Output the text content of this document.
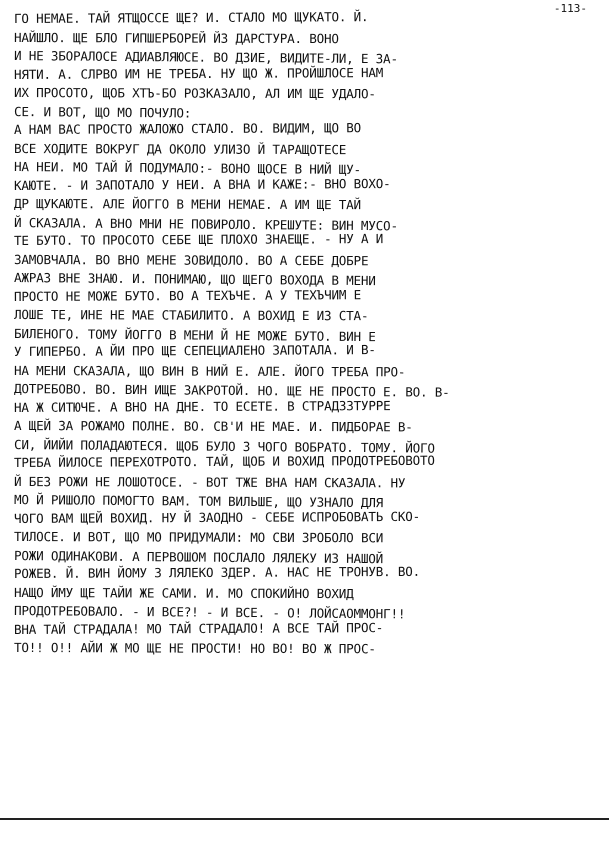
-113-
ГО НЕМАЕ. ТАЙ ЯТЩОССЕ ЩЕ? И. СТАЛО МО ЩУКАТО. Й.
НАЙШЛО. ЩЕ БЛО ГИПШЕРБОРЕЙ ЙЗ ДАРСТУРА. ВОНО
И НЕ ЗБОРАЛОСЕ АДИАВЛЯЮСЕ. ВО ДЗИЕ, ВИДИТЕ-ЛИ, Е ЗА-
НЯТИ. А. СЛРВО ИМ НЕ ТРЕБА. НУ ЩО Ж. ПРОЙШЛОСЕ НАМ
ИХ ПРОСОТО, ЩОБ ХТЪ-БО РОЗКАЗАЛО, АЛ ИМ ЩЕ УДАЛО-
СЕ. И ВОТ, ЩО МО ПОЧУЛО:
А НАМ ВАС ПРОСТО ЖАЛОЖО СТАЛО. ВО. ВИДИМ, ЩО ВО
ВСЕ ХОДИТЕ ВОКРУГ ДА ОКОЛО УЛИЗО Й ТАРАЩОТЕСЕ
НА НЕИ. МО ТАЙ Й ПОДУМАЛО:- ВОНО ЩОСЕ В НИЙ ЩУ-
КАЮТЕ. - И ЗАПОТАЛО У НЕИ. А ВНА И КАЖЕ:- ВНО ВОХО-
ДР ЩУКАЮТЕ. АЛЕ ЙОГГО В МЕНИ НЕМАЕ. А ИМ ЩЕ ТАЙ
Й СКАЗАЛА. А ВНО МНИ НЕ ПОВИРОЛО. КРЕШУТЕ: ВИН МУСО-
ТЕ БУТО. ТО ПРОСОТО СЕБЕ ЩЕ ПЛОХО ЗНАЕЩЕ. - НУ А И
ЗАМОВЧАЛА. ВО ВНО МЕНЕ ЗОВИДОЛО. ВО А СЕБЕ ДОБРЕ
АЖРАЗ ВНЕ ЗНАЮ. И. ПОНИМАЮ, ЩО ЩЕГО ВОХОДА В МЕНИ
ПРОСТО НЕ МОЖЕ БУТО. ВО А ТЕХЪЧЕ. А У ТЕХЪЧИМ Е
ЛОШЕ ТЕ, ИНЕ НЕ МАЕ СТАБИЛИТО. А ВОХИД Е ИЗ СТА-
БИЛЕНОГО. ТОМУ ЙОГГО В МЕНИ Й НЕ МОЖЕ БУТО. ВИН Е
У ГИПЕРБО. А ЙИ ПРО ЩЕ СЕПЕЦИАЛЕНО ЗАПОТАЛА. И В-
НА МЕНИ СКАЗАЛА, ЩО ВИН В НИЙ Е. АЛЕ. ЙОГО ТРЕБА ПРО-
ДОТРЕБОВО. ВО. ВИН ИЩЕ ЗАКРОТОЙ. НО. ЩЕ НЕ ПРОСТО Е. ВО. В-
НА Ж СИТЮЧЕ. А ВНО НА ДНЕ. ТО ЕСЕТЕ. В СТРАДЗЗТУРРЕ
А ЩЕЙ ЗА РОЖАМО ПОЛНЕ. ВО. СВ'И НЕ МАЕ. И. ПИДБОРАЕ В-
СИ, ЙИЙИ ПОЛАДАЮТЕСЯ. ЩОБ БУЛО З ЧОГО ВОБРАТО. ТОМУ. ЙОГО
ТРЕБА ЙИЛОСЕ ПЕРЕХОТРОТО. ТАЙ, ЩОБ И ВОХИД ПРОДОТРЕБОВОТО
Й БЕЗ РОЖИ НЕ ЛОШОТОСЕ. - ВОТ ТЖЕ ВНА НАМ СКАЗАЛА. НУ
МО Й РИШОЛО ПОМОГТО ВАМ. ТОМ ВИЛЬШЕ, ЩО УЗНАЛО ДЛЯ
ЧОГО ВАМ ЩЕЙ ВОХИД. НУ Й ЗАОДНО - СЕБЕ ИСПРОБОВАТЬ СКО-
ТИЛОСЕ. И ВОТ, ЩО МО ПРИДУМАЛИ: МО СВИ ЗРОБОЛО ВСИ
РОЖИ ОДИНАКОВИ. А ПЕРВОШОМ ПОСЛАЛО ЛЯЛЕКУ ИЗ НАШОЙ
РОЖЕВ. Й. ВИН ЙОМУ З ЛЯЛЕКО ЗДЕР. А. НАС НЕ ТРОНУВ. ВО.
НАЩО ЙМУ ЩЕ ТАЙИ ЖЕ САМИ. И. МО СПОКИЙНО ВОХИД
ПРОДОТРЕБОВАЛО. - И ВСЕ?! - И ВСЕ. - О! ЛОЙСАОММОНГ!!
ВНА ТАЙ СТРАДАЛА! МО ТАЙ СТРАДАЛО! А ВСЕ ТАЙ ПРОС-
ТО!! О!! АЙИ Ж МО ЩЕ НЕ ПРОСТИ! НО ВО! ВО Ж ПРОС-
